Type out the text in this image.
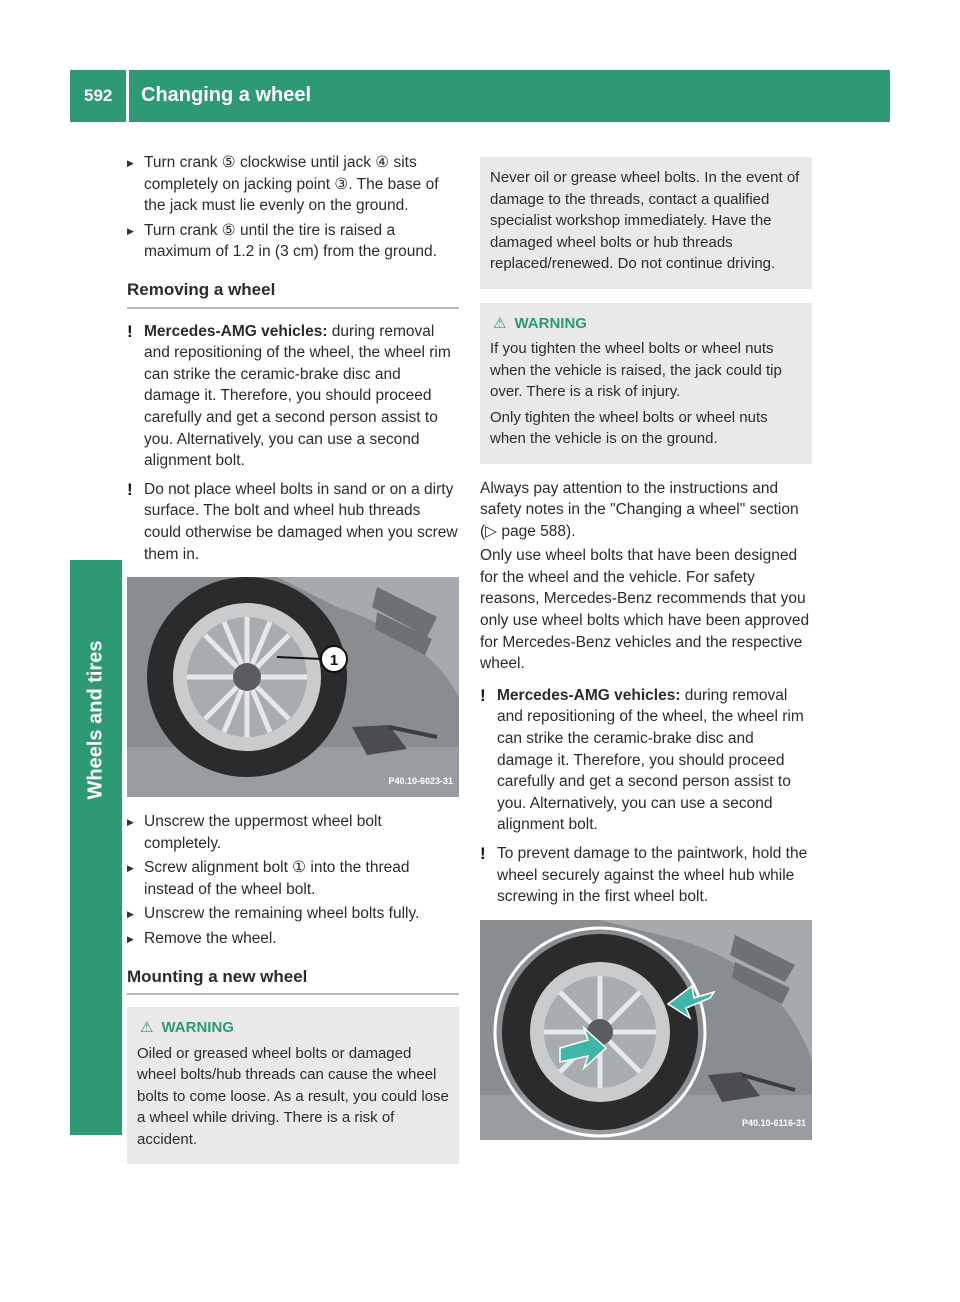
592 Changing a wheel
Wheels and tires
▶ Turn crank ⑤ clockwise until jack ④ sits completely on jacking point ③. The base of the jack must lie evenly on the ground.
▶ Turn crank ⑤ until the tire is raised a maximum of 1.2 in (3 cm) from the ground.
Removing a wheel
! Mercedes-AMG vehicles: during removal and repositioning of the wheel, the wheel rim can strike the ceramic-brake disc and damage it. Therefore, you should proceed carefully and get a second person assist to you. Alternatively, you can use a second alignment bolt.
! Do not place wheel bolts in sand or on a dirty surface. The bolt and wheel hub threads could otherwise be damaged when you screw them in.
1
P40.10-6023-31
▶ Unscrew the uppermost wheel bolt completely.
▶ Screw alignment bolt ① into the thread instead of the wheel bolt.
▶ Unscrew the remaining wheel bolts fully.
▶ Remove the wheel.
Mounting a new wheel
⚠ WARNING

Oiled or greased wheel bolts or damaged wheel bolts/hub threads can cause the wheel bolts to come loose. As a result, you could lose a wheel while driving. There is a risk of accident.

Never oil or grease wheel bolts. In the event of damage to the threads, contact a qualified specialist workshop immediately. Have the damaged wheel bolts or hub threads replaced/renewed. Do not continue driving.

⚠ WARNING

If you tighten the wheel bolts or wheel nuts when the vehicle is raised, the jack could tip over. There is a risk of injury.

Only tighten the wheel bolts or wheel nuts when the vehicle is on the ground.

Always pay attention to the instructions and safety notes in the "Changing a wheel" section (▷ page 588).
Only use wheel bolts that have been designed for the wheel and the vehicle. For safety reasons, Mercedes-Benz recommends that you only use wheel bolts which have been approved for Mercedes-Benz vehicles and the respective wheel.
! Mercedes-AMG vehicles: during removal and repositioning of the wheel, the wheel rim can strike the ceramic-brake disc and damage it. Therefore, you should proceed carefully and get a second person assist to you. Alternatively, you can use a second alignment bolt.
! To prevent damage to the paintwork, hold the wheel securely against the wheel hub while screwing in the first wheel bolt.
P40.10-6116-31
